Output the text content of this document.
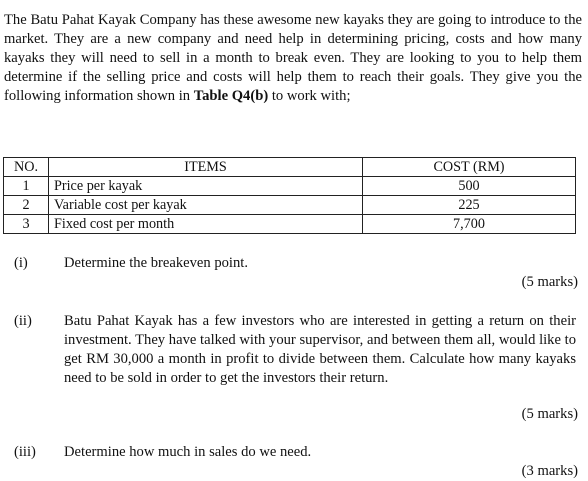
The Batu Pahat Kayak Company has these awesome new kayaks they are going to introduce to the market. They are a new company and need help in determining pricing, costs and how many kayaks they will need to sell in a month to break even. They are looking to you to help them determine if the selling price and costs will help them to reach their goals. They give you the following information shown in Table Q4(b) to work with;

NO.	ITEMS	COST (RM)
1	Price per kayak	500
2	Variable cost per kayak	225
3	Fixed cost per month	7,700
(i)	Determine the breakeven point.
(5 marks)
(ii)	Batu Pahat Kayak has a few investors who are interested in getting a return on their investment. They have talked with your supervisor, and between them all, would like to get RM 30,000 a month in profit to divide between them. Calculate how many kayaks need to be sold in order to get the investors their return.
(5 marks)
(iii)	Determine how much in sales do we need.
(3 marks)
